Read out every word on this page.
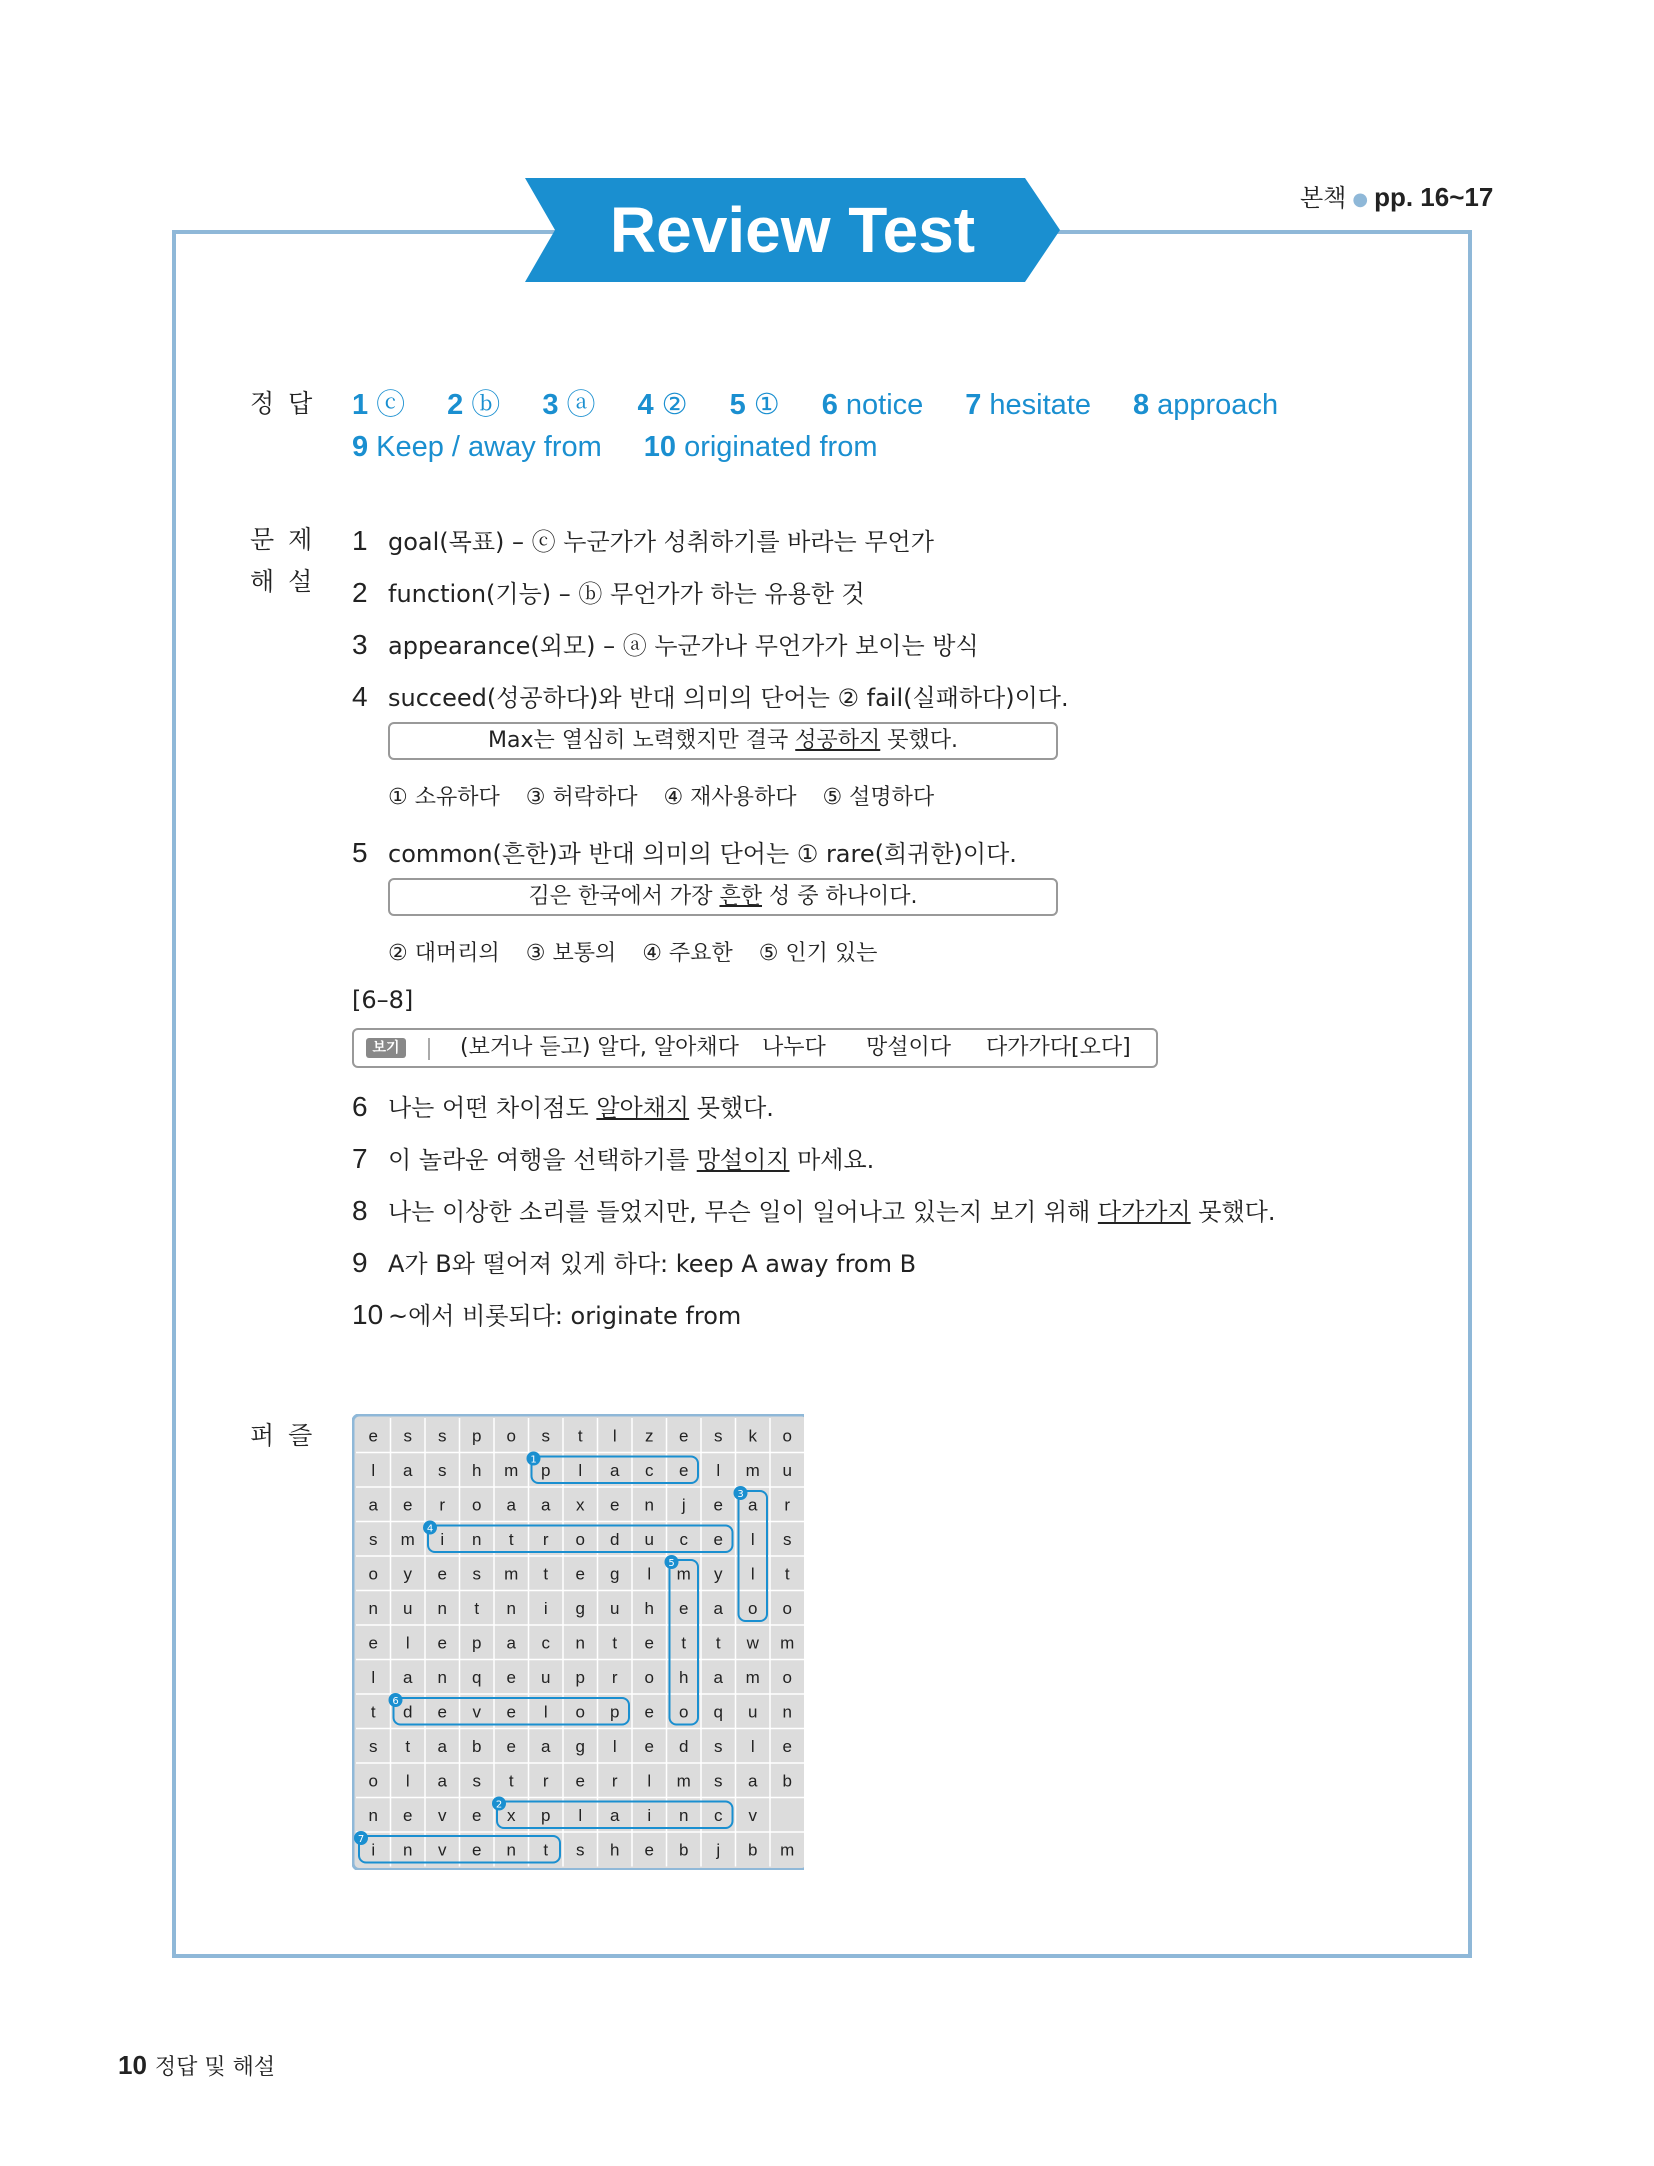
본책 ● pp. 16~17
Review Test
정답
문제
해설
퍼즐
1 ⓒ 2 ⓑ 3 ⓐ 4 ② 5 ① 6 notice 7 hesitate 8 approach
9 Keep / away from 10 originated from
1 goal(목표) – ⓒ 누군가가 성취하기를 바라는 무언가
2 function(기능) – ⓑ 무언가가 하는 유용한 것
3 appearance(외모) – ⓐ 누군가나 무언가가 보이는 방식
4 succeed(성공하다)와 반대 의미의 단어는 ② fail(실패하다)이다.
Max는 열심히 노력했지만 결국 성공하지 못했다.
① 소유하다 ③ 허락하다 ④ 재사용하다 ⑤ 설명하다
5 common(흔한)과 반대 의미의 단어는 ① rare(희귀한)이다.
김은 한국에서 가장 흔한 성 중 하나이다.
② 대머리의 ③ 보통의 ④ 주요한 ⑤ 인기 있는
[6–8]
보기	(보거나 듣고) 알다, 알아채다 나누다 망설이다 다가가다[오다]
6 나는 어떤 차이점도 알아채지 못했다.
7 이 놀라운 여행을 선택하기를 망설이지 마세요.
8 나는 이상한 소리를 들었지만, 무슨 일이 일어나고 있는지 보기 위해 다가가지 못했다.
9 A가 B와 떨어져 있게 하다: keep A away from B
10 ~에서 비롯되다: originate from
e s s p o s t l z e s k o
l a s h m p l a c e l m u
a e r o a a x e n j e a r
s m i n t r o d u c e l s
o y e s m t e g l m y l t
n u n t n i g u h e a o o
e l e p a c n t e t t w m
l a n q e u p r o h a m o
t d e v e l o p e o q u n
s t a b e a g l e d s l e
o l a s t r e r l m s a b
n e v e x p l a i n c v
i n v e n t s h e b j b m
1
2
3
4
5
6
7
10 정답 및 해설
